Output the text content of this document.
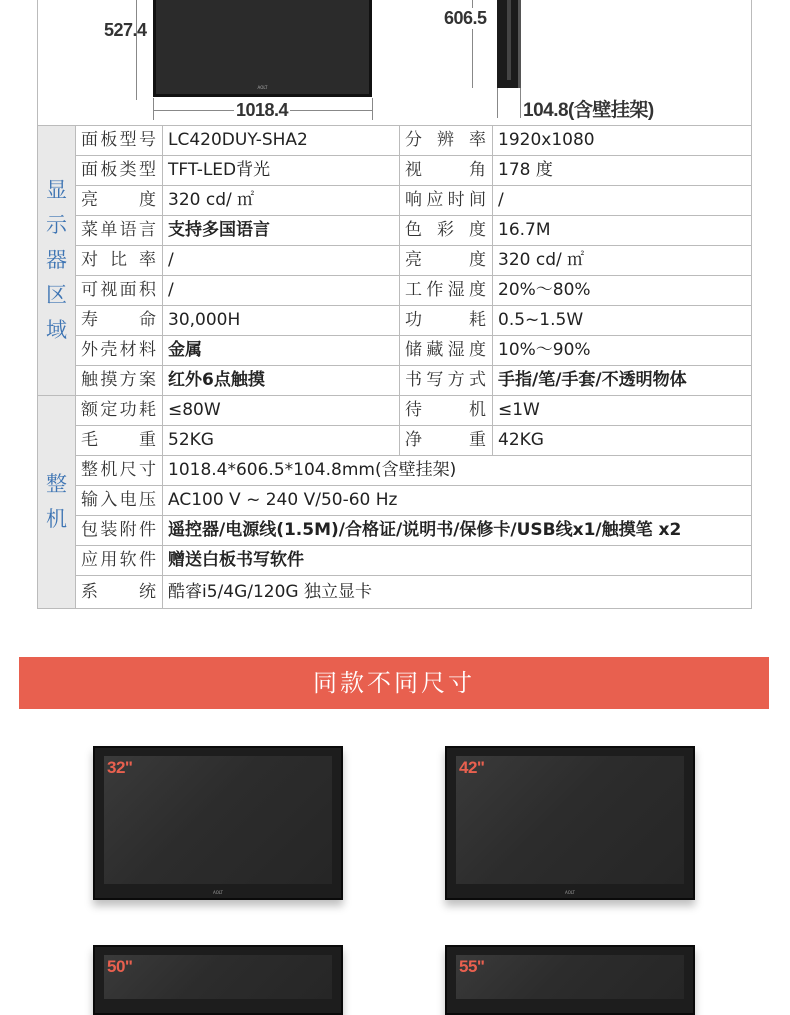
AOLT
527.4
1018.4
606.5
104.8(含壁挂架)
显示器区域	面板型号	LC420DUY-SHA2	分 辨 率	1920x1080
	面板类型	TFT-LED背光	视 角	178 度
	亮 度	320 cd/ ㎡	响应时间	/
	菜单语言	支持多国语言	色 彩 度	16.7M
	对 比 率	/	亮 度	320 cd/ ㎡
	可视面积	/	工作湿度	20%～80%
	寿 命	30,000H	功 耗	0.5~1.5W
	外壳材料	金属	储藏湿度	10%～90%
	触摸方案	红外6点触摸	书写方式	手指/笔/手套/不透明物体
整机	额定功耗	≤80W	待 机	≤1W
	毛 重	52KG	净 重	42KG
	整机尺寸	1018.4*606.5*104.8mm(含壁挂架)		
	输入电压	AC100 V ~ 240 V/50-60 Hz		
	包装附件	遥控器/电源线(1.5M)/合格证/说明书/保修卡/USB线x1/触摸笔 x2		
	应用软件	赠送白板书写软件		
	系 统	酷睿i5/4G/120G 独立显卡		
同款不同尺寸
32"
AOLT
42"
AOLT
50"	55"
